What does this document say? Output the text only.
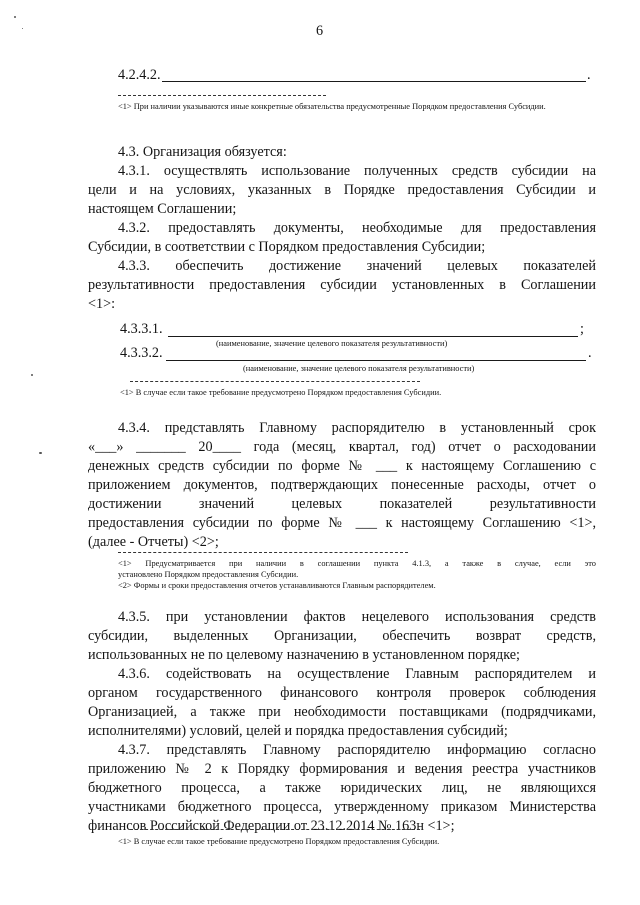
6
4.2.4.2.	.
<1> При наличии указываются иные конкретные обязательства предусмотренные Порядком предоставления Субсидии.
4.3. Организация обязуется:
4.3.1. осуществлять использование полученных средств субсидии на
цели и на условиях, указанных в Порядке предоставления Субсидии и
настоящем Соглашении;
4.3.2. предоставлять документы, необходимые для предоставления
Субсидии, в соответствии с Порядком предоставления Субсидии;
4.3.3. обеспечить достижение значений целевых показателей
результативности предоставления субсидии установленных в Соглашении
<1>:
4.3.3.1.	;
(наименование, значение целевого показателя результативности)
4.3.3.2.	.
(наименование, значение целевого показателя результативности)
<1> В случае если такое требование предусмотрено Порядком предоставления Субсидии.
4.3.4. представлять Главному распорядителю в установленный срок
«___» _______ 20____ года (месяц, квартал, год) отчет о расходовании
денежных средств субсидии по форме № ___ к настоящему Соглашению с
приложением документов, подтверждающих понесенные расходы, отчет о
достижении значений целевых показателей результативности
предоставления субсидии по форме № ___ к настоящему Соглашению <1>,
(далее - Отчеты) <2>;
<1> Предусматривается при наличии в соглашении пункта 4.1.3, а также в случае, если это
установлено Порядком предоставления Субсидии.
<2> Формы и сроки предоставления отчетов устанавливаются Главным распорядителем.
4.3.5. при установлении фактов нецелевого использования средств
субсидии, выделенных Организации, обеспечить возврат средств,
использованных не по целевому назначению в установленном порядке;
4.3.6. содействовать на осуществление Главным распорядителем и
органом государственного финансового контроля проверок соблюдения
Организацией, а также при необходимости поставщиками (подрядчиками,
исполнителями) условий, целей и порядка предоставления субсидий;
4.3.7. представлять Главному распорядителю информацию согласно
приложению № 2 к Порядку формирования и ведения реестра участников
бюджетного процесса, а также юридических лиц, не являющихся
участниками бюджетного процесса, утвержденному приказом Министерства
финансов Российской Федерации от 23.12.2014 № 163н <1>;
<1> В случае если такое требование предусмотрено Порядком предоставления Субсидии.
